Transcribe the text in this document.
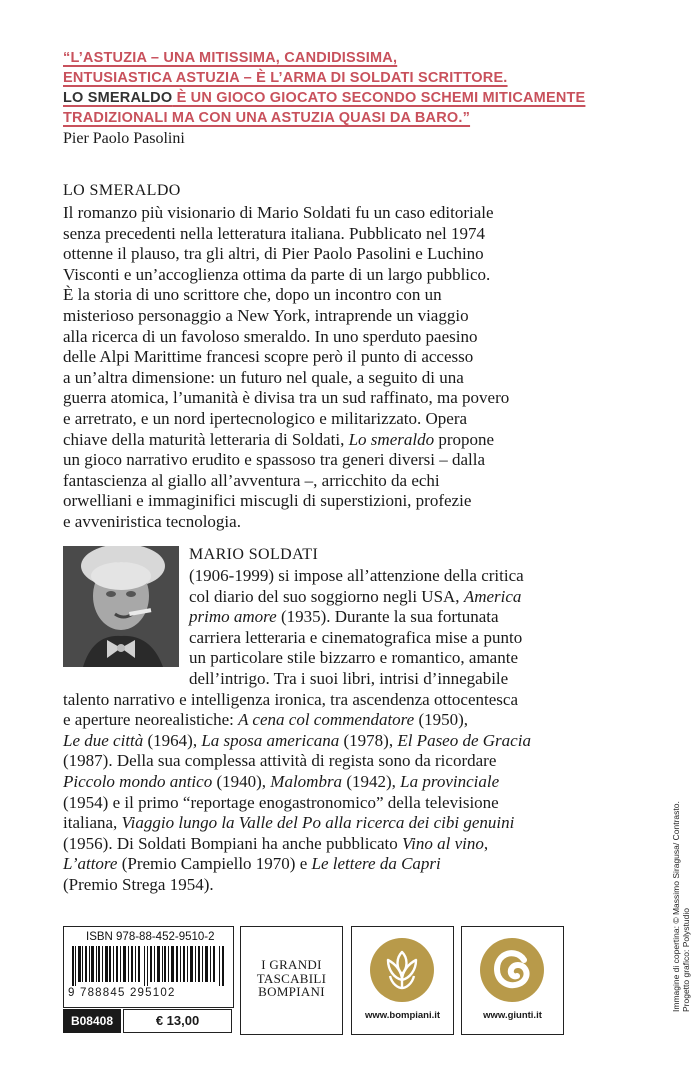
“L’ASTUZIA – UNA MITISSIMA, CANDIDISSIMA,
ENTUSIASTICA ASTUZIA – È L’ARMA DI SOLDATI SCRITTORE.
LO SMERALDO È UN GIOCO GIOCATO SECONDO SCHEMI MITICAMENTE
TRADIZIONALI MA CON UNA ASTUZIA QUASI DA BARO.”
Pier Paolo Pasolini
LO SMERALDO
Il romanzo più visionario di Mario Soldati fu un caso editoriale
senza precedenti nella letteratura italiana. Pubblicato nel 1974
ottenne il plauso, tra gli altri, di Pier Paolo Pasolini e Luchino
Visconti e un’accoglienza ottima da parte di un largo pubblico.
È la storia di uno scrittore che, dopo un incontro con un
misterioso personaggio a New York, intraprende un viaggio
alla ricerca di un favoloso smeraldo. In uno sperduto paesino
delle Alpi Marittime francesi scopre però il punto di accesso
a un’altra dimensione: un futuro nel quale, a seguito di una
guerra atomica, l’umanità è divisa tra un sud raffinato, ma povero
e arretrato, e un nord ipertecnologico e militarizzato. Opera
chiave della maturità letteraria di Soldati, Lo smeraldo propone
un gioco narrativo erudito e spassoso tra generi diversi – dalla
fantascienza al giallo all’avventura –, arricchito da echi
orwelliani e immaginifici miscugli di superstizioni, profezie
e avveniristica tecnologia.
MARIO SOLDATI
(1906-1999) si impose all’attenzione della critica
col diario del suo soggiorno negli USA, America
primo amore (1935). Durante la sua fortunata
carriera letteraria e cinematografica mise a punto
un particolare stile bizzarro e romantico, amante
dell’intrigo. Tra i suoi libri, intrisi d’innegabile
talento narrativo e intelligenza ironica, tra ascendenza ottocentesca
e aperture neorealistiche: A cena col commendatore (1950),
Le due città (1964), La sposa americana (1978), El Paseo de Gracia
(1987). Della sua complessa attività di regista sono da ricordare
Piccolo mondo antico (1940), Malombra (1942), La provinciale
(1954) e il primo “reportage enogastronomico” della televisione
italiana, Viaggio lungo la Valle del Po alla ricerca dei cibi genuini
(1956). Di Soldati Bompiani ha anche pubblicato Vino al vino,
L’attore (Premio Campiello 1970) e Le lettere da Capri
(Premio Strega 1954).
ISBN 978-88-452-9510-2
9 788845 295102
B08408	€ 13,00
I GRANDI
TASCABILI
BOMPIANI
www.bompiani.it	www.giunti.it
Immagine di copertina: © Massimo Siragusa/ Contrasto. Progetto grafico: Polystudio
